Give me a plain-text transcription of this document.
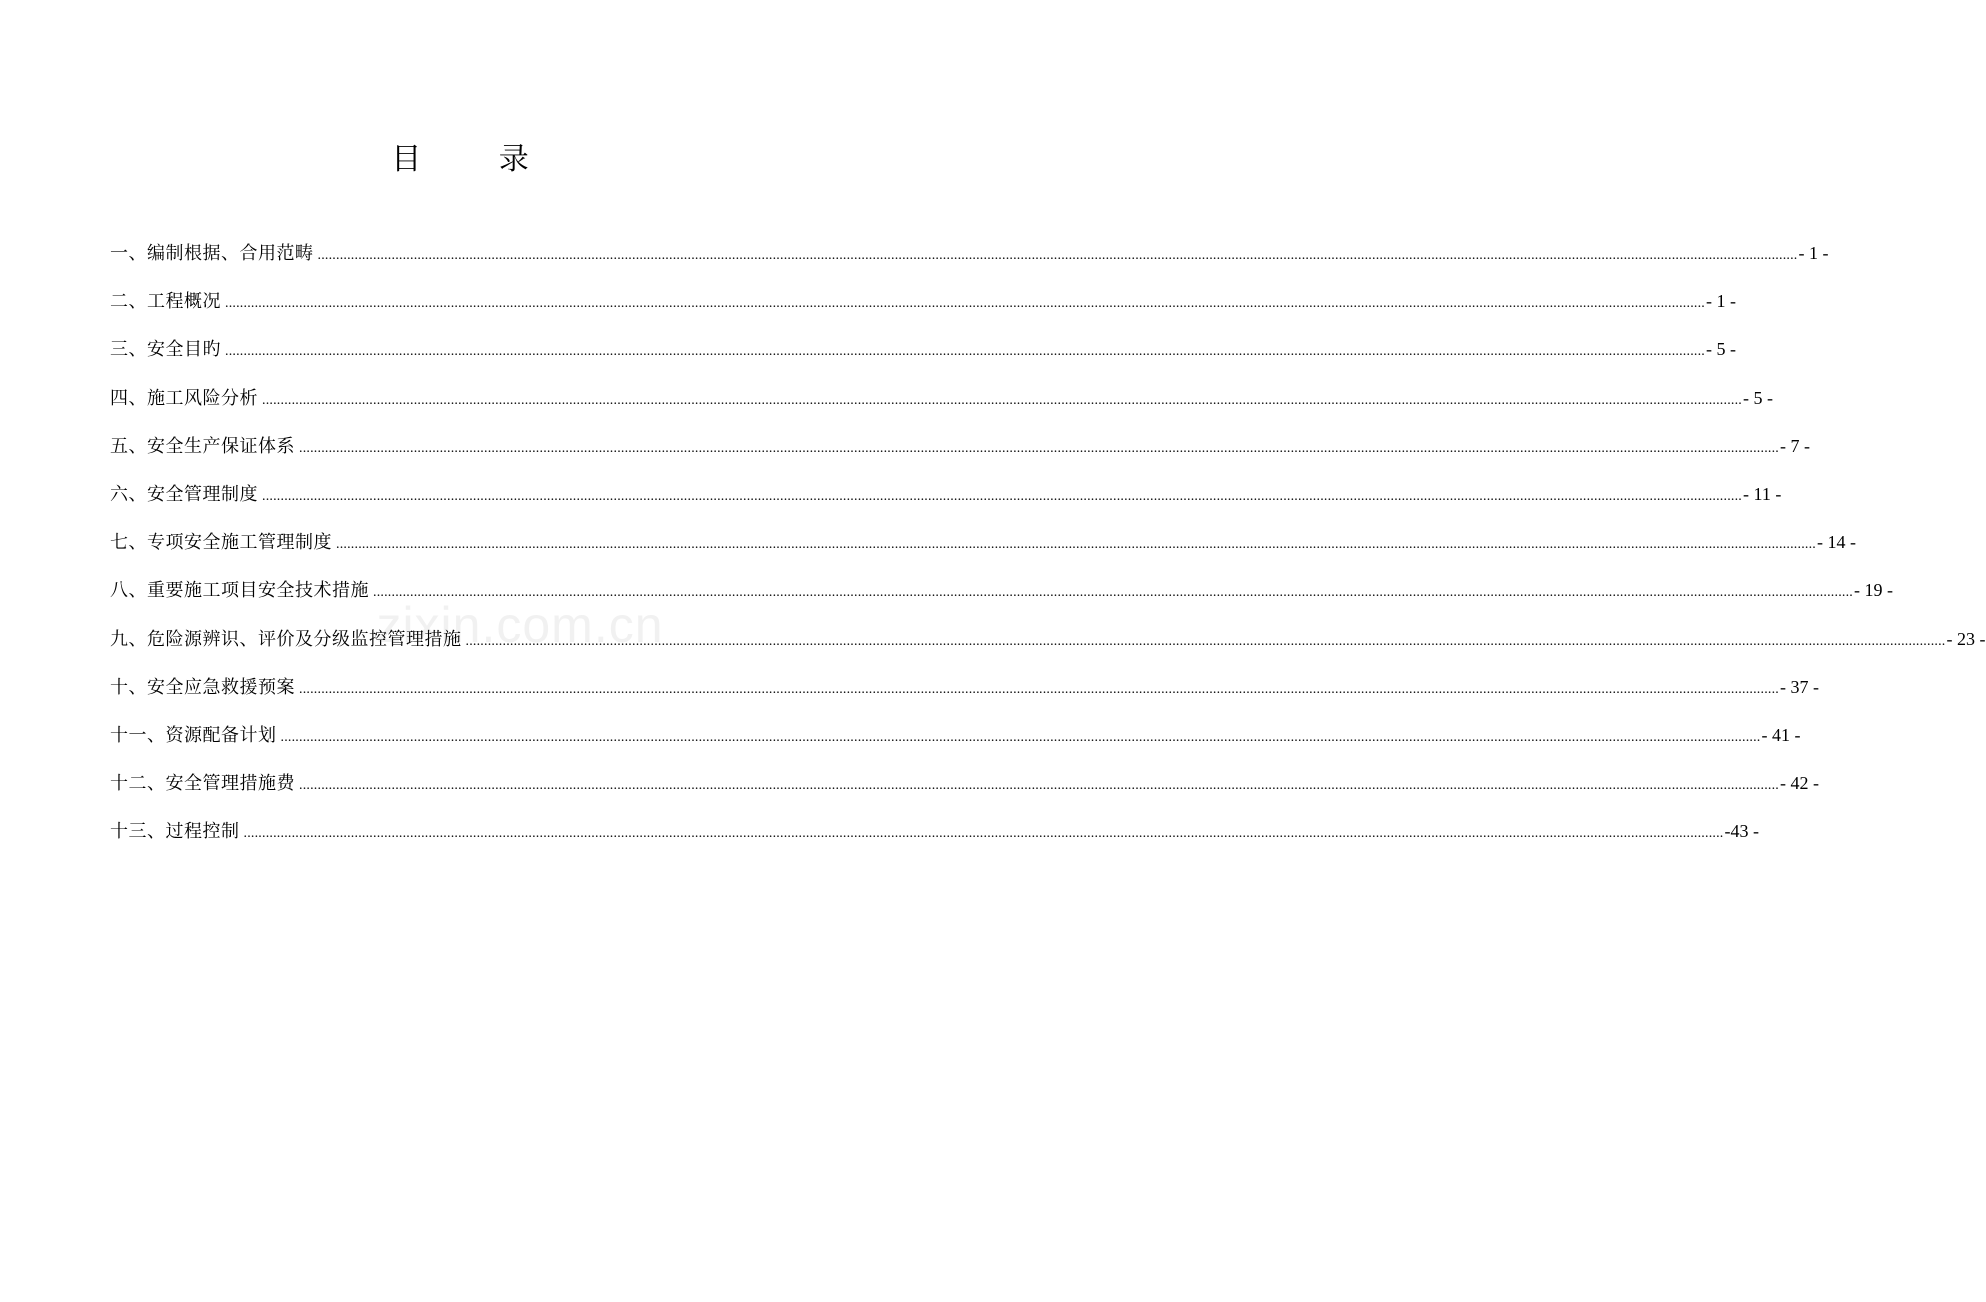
目 录
一、编制根据、合用范畴 ................................................................................................................................................................................................................................................................................................................................................................................................................ - 1 -
二、工程概况 ................................................................................................................................................................................................................................................................................................................................................................................................................ - 1 -
三、安全目旳 ................................................................................................................................................................................................................................................................................................................................................................................................................ - 5 -
四、施工风险分析 ................................................................................................................................................................................................................................................................................................................................................................................................................ - 5 -
五、安全生产保证体系 ................................................................................................................................................................................................................................................................................................................................................................................................................ - 7 -
六、安全管理制度 ................................................................................................................................................................................................................................................................................................................................................................................................................ - 11 -
七、专项安全施工管理制度 ................................................................................................................................................................................................................................................................................................................................................................................................................ - 14 -
八、重要施工项目安全技术措施 ................................................................................................................................................................................................................................................................................................................................................................................................................ - 19 -
九、危险源辨识、评价及分级监控管理措施 ................................................................................................................................................................................................................................................................................................................................................................................................................ - 23 -
十、安全应急救援预案 ................................................................................................................................................................................................................................................................................................................................................................................................................ - 37 -
十一、资源配备计划 ................................................................................................................................................................................................................................................................................................................................................................................................................ - 41 -
十二、安全管理措施费 ................................................................................................................................................................................................................................................................................................................................................................................................................ - 42 -
十三、过程控制 ................................................................................................................................................................................................................................................................................................................................................................................................................ -43 -
zixin.com.cn
